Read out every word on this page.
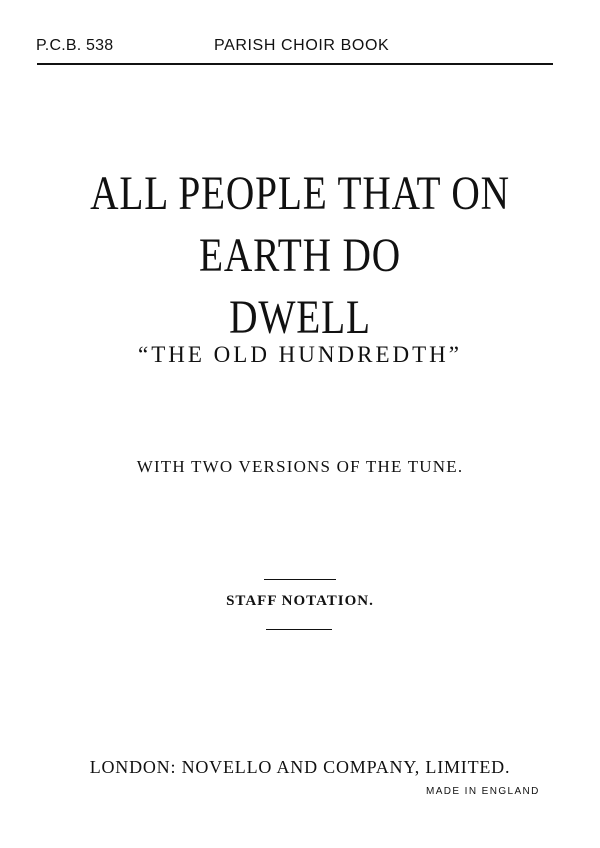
P.C.B. 538	PARISH CHOIR BOOK
ALL PEOPLE THAT ON EARTH DO
DWELL
“THE OLD HUNDREDTH”
WITH TWO VERSIONS OF THE TUNE.
STAFF NOTATION.
LONDON: NOVELLO AND COMPANY, LIMITED.
MADE IN ENGLAND
